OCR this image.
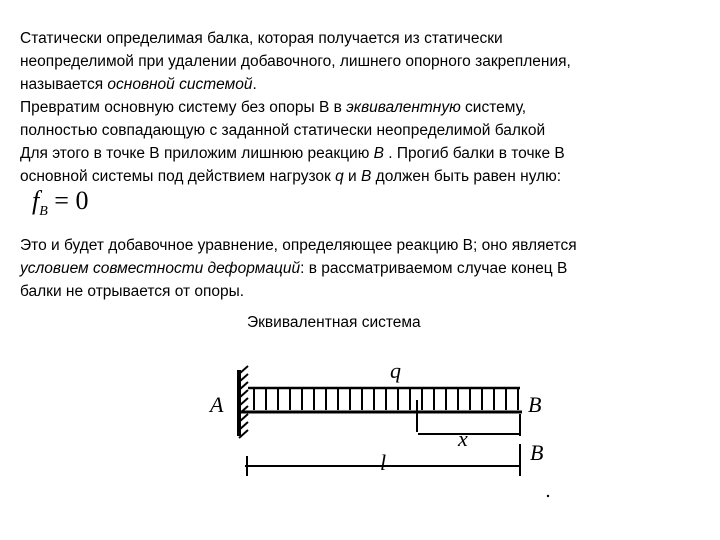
Статически определимая балка, которая получается из статически
неопределимой при удалении добавочного, лишнего опорного закрепления,
называется основной системой.
Превратим основную систему без опоры В в эквивалентную систему,
полностью совпадающую с заданной статически неопределимой балкой
Для этого в точке В приложим лишнюю реакцию B . Прогиб балки в точке В
основной системы под действием нагрузок q и B должен быть равен нулю:
Это и будет добавочное уравнение, определяющее реакцию В; оно является
условием совместности деформаций: в рассматриваемом случае конец В
балки не отрывается от опоры.
$f_B = 0$
Эквивалентная система
A
q
B
x
B
l
